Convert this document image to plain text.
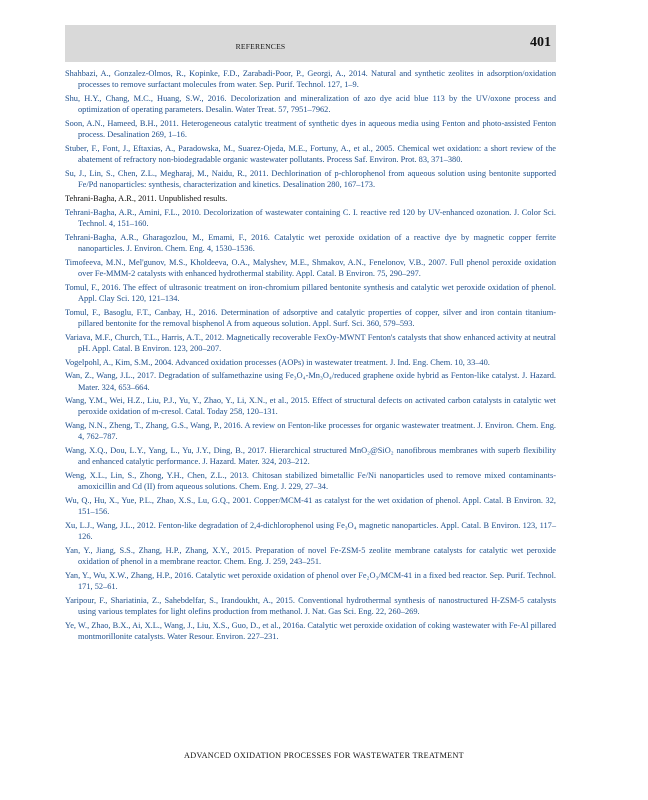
REFERENCES	401

Shahbazi, A., Gonzalez-Olmos, R., Kopinke, F.D., Zarabadi-Poor, P., Georgi, A., 2014. Natural and synthetic zeolites in adsorption/oxidation processes to remove surfactant molecules from water. Sep. Purif. Technol. 127, 1–9.

Shu, H.Y., Chang, M.C., Huang, S.W., 2016. Decolorization and mineralization of azo dye acid blue 113 by the UV/oxone process and optimization of operating parameters. Desalin. Water Treat. 57, 7951–7962.

Soon, A.N., Hameed, B.H., 2011. Heterogeneous catalytic treatment of synthetic dyes in aqueous media using Fenton and photo-assisted Fenton process. Desalination 269, 1–16.

Stuber, F., Font, J., Eftaxias, A., Paradowska, M., Suarez-Ojeda, M.E., Fortuny, A., et al., 2005. Chemical wet oxidation: a short review of the abatement of refractory non-biodegradable organic wastewater pollutants. Process Saf. Environ. Prot. 83, 371–380.

Su, J., Lin, S., Chen, Z.L., Megharaj, M., Naidu, R., 2011. Dechlorination of p-chlorophenol from aqueous solution using bentonite supported Fe/Pd nanoparticles: synthesis, characterization and kinetics. Desalination 280, 167–173.

Tehrani-Bagha, A.R., 2011. Unpublished results.

Tehrani-Bagha, A.R., Amini, F.L., 2010. Decolorization of wastewater containing C. I. reactive red 120 by UV-enhanced ozonation. J. Color Sci. Technol. 4, 151–160.

Tehrani-Bagha, A.R., Gharagozlou, M., Emami, F., 2016. Catalytic wet peroxide oxidation of a reactive dye by magnetic copper ferrite nanoparticles. J. Environ. Chem. Eng. 4, 1530–1536.

Timofeeva, M.N., Mel'gunov, M.S., Kholdeeva, O.A., Malyshev, M.E., Shmakov, A.N., Fenelonov, V.B., 2007. Full phenol peroxide oxidation over Fe-MMM-2 catalysts with enhanced hydrothermal stability. Appl. Catal. B Environ. 75, 290–297.

Tomul, F., 2016. The effect of ultrasonic treatment on iron-chromium pillared bentonite synthesis and catalytic wet peroxide oxidation of phenol. Appl. Clay Sci. 120, 121–134.

Tomul, F., Basoglu, F.T., Canbay, H., 2016. Determination of adsorptive and catalytic properties of copper, silver and iron contain titanium-pillared bentonite for the removal bisphenol A from aqueous solution. Appl. Surf. Sci. 360, 579–593.

Variava, M.F., Church, T.L., Harris, A.T., 2012. Magnetically recoverable FexOy-MWNT Fenton's catalysts that show enhanced activity at neutral pH. Appl. Catal. B Environ. 123, 200–207.

Vogelpohl, A., Kim, S.M., 2004. Advanced oxidation processes (AOPs) in wastewater treatment. J. Ind. Eng. Chem. 10, 33–40.

Wan, Z., Wang, J.L., 2017. Degradation of sulfamethazine using Fe₃O₄-Mn₃O₄/reduced graphene oxide hybrid as Fenton-like catalyst. J. Hazard. Mater. 324, 653–664.

Wang, Y.M., Wei, H.Z., Liu, P.J., Yu, Y., Zhao, Y., Li, X.N., et al., 2015. Effect of structural defects on activated carbon catalysts in catalytic wet peroxide oxidation of m-cresol. Catal. Today 258, 120–131.

Wang, N.N., Zheng, T., Zhang, G.S., Wang, P., 2016. A review on Fenton-like processes for organic wastewater treatment. J. Environ. Chem. Eng. 4, 762–787.

Wang, X.Q., Dou, L.Y., Yang, L., Yu, J.Y., Ding, B., 2017. Hierarchical structured MnO₂@SiO₂ nanofibrous membranes with superb flexibility and enhanced catalytic performance. J. Hazard. Mater. 324, 203–212.

Weng, X.L., Lin, S., Zhong, Y.H., Chen, Z.L., 2013. Chitosan stabilized bimetallic Fe/Ni nanoparticles used to remove mixed contaminants-amoxicillin and Cd (II) from aqueous solutions. Chem. Eng. J. 229, 27–34.

Wu, Q., Hu, X., Yue, P.L., Zhao, X.S., Lu, G.Q., 2001. Copper/MCM-41 as catalyst for the wet oxidation of phenol. Appl. Catal. B Environ. 32, 151–156.

Xu, L.J., Wang, J.L., 2012. Fenton-like degradation of 2,4-dichlorophenol using Fe₃O₄ magnetic nanoparticles. Appl. Catal. B Environ. 123, 117–126.

Yan, Y., Jiang, S.S., Zhang, H.P., Zhang, X.Y., 2015. Preparation of novel Fe-ZSM-5 zeolite membrane catalysts for catalytic wet peroxide oxidation of phenol in a membrane reactor. Chem. Eng. J. 259, 243–251.

Yan, Y., Wu, X.W., Zhang, H.P., 2016. Catalytic wet peroxide oxidation of phenol over Fe₂O₃/MCM-41 in a fixed bed reactor. Sep. Purif. Technol. 171, 52–61.

Yaripour, F., Shariatinia, Z., Sahebdelfar, S., Irandoukht, A., 2015. Conventional hydrothermal synthesis of nanostructured H-ZSM-5 catalysts using various templates for light olefins production from methanol. J. Nat. Gas Sci. Eng. 22, 260–269.

Ye, W., Zhao, B.X., Ai, X.L., Wang, J., Liu, X.S., Guo, D., et al., 2016a. Catalytic wet peroxide oxidation of coking wastewater with Fe-Al pillared montmorillonite catalysts. Water Resour. Environ. 227–231.

ADVANCED OXIDATION PROCESSES FOR WASTEWATER TREATMENT
